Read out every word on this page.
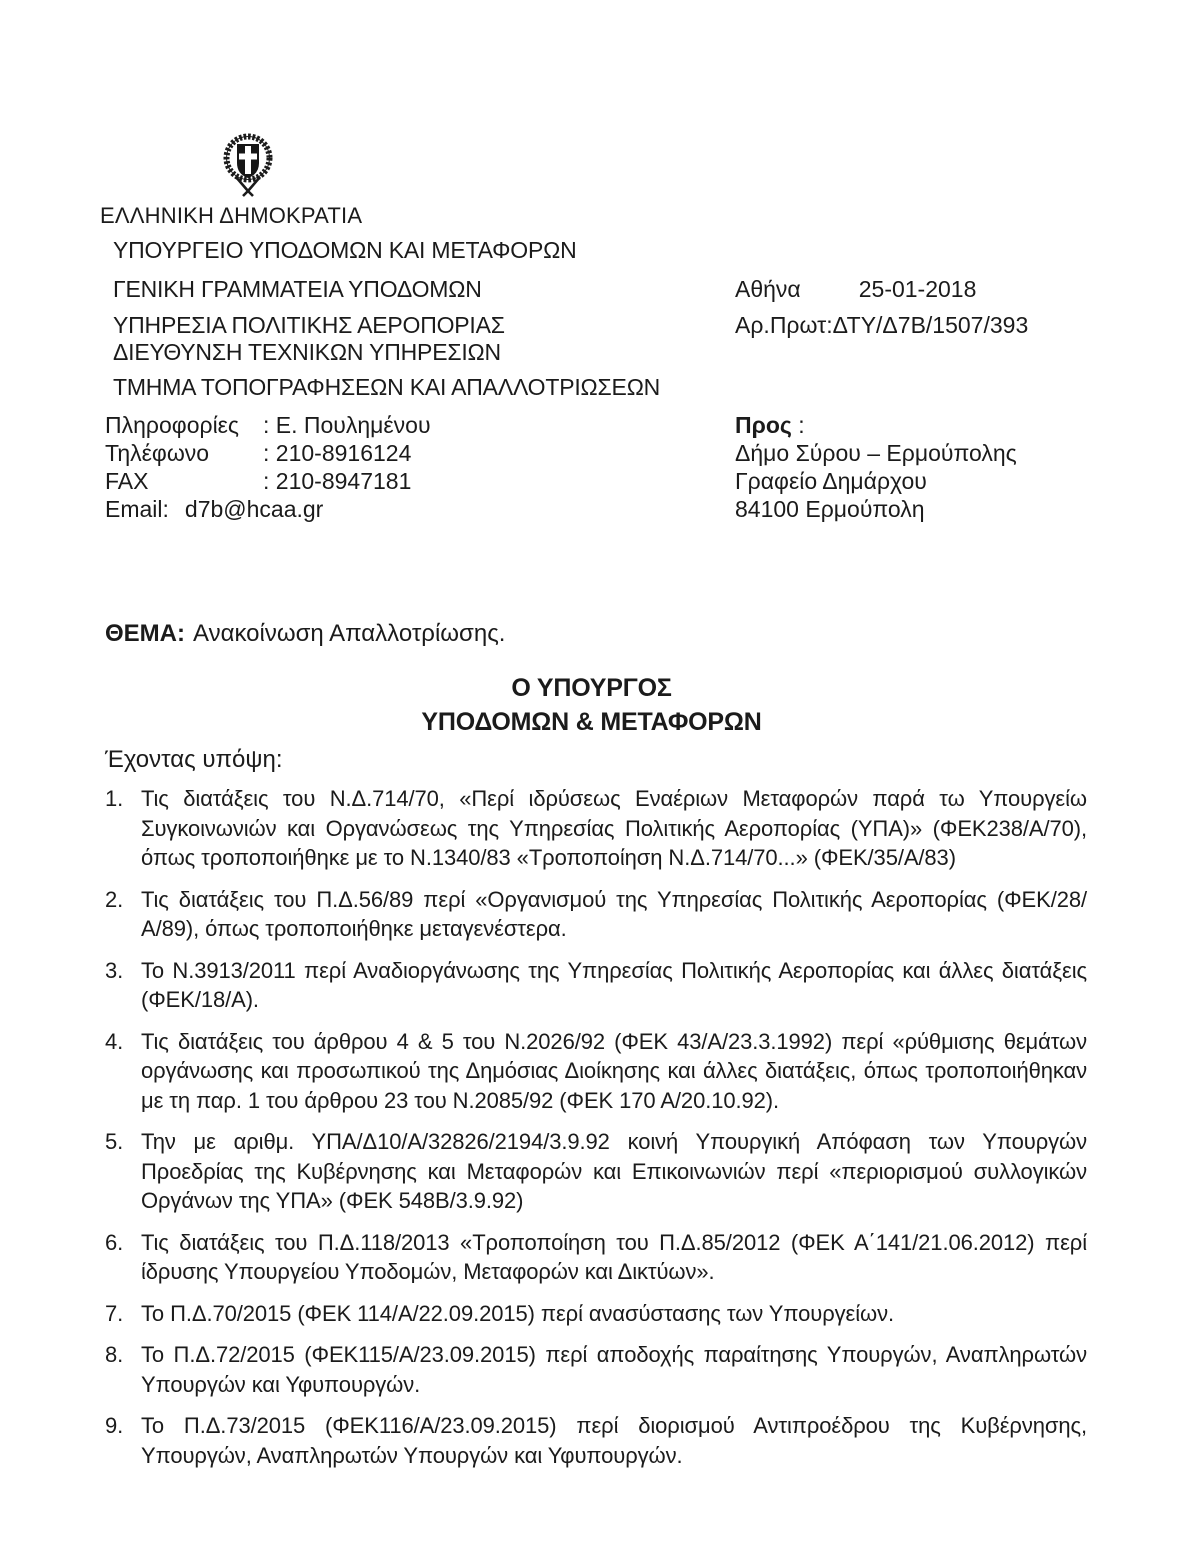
ΕΛΛΗΝΙΚΗ ΔΗΜΟΚΡΑΤΙΑ
ΥΠΟΥΡΓΕΙΟ ΥΠΟΔΟΜΩΝ ΚΑΙ ΜΕΤΑΦΟΡΩΝ
ΓΕΝΙΚΗ ΓΡΑΜΜΑΤΕΙΑ ΥΠΟΔΟΜΩΝ
ΥΠΗΡΕΣΙΑ ΠΟΛΙΤΙΚΗΣ ΑΕΡΟΠΟΡΙΑΣ
ΔΙΕΥΘΥΝΣΗ ΤΕΧΝΙΚΩΝ ΥΠΗΡΕΣΙΩΝ
ΤΜΗΜΑ ΤΟΠΟΓΡΑΦΗΣΕΩΝ ΚΑΙ ΑΠΑΛΛΟΤΡΙΩΣΕΩΝ
Αθήνα	25-01-2018
Αρ.Πρωτ:ΔΤΥ/Δ7Β/1507/393
Πληροφορίες	: Ε. Πουλημένου
Τηλέφωνο	: 210-8916124
FAX	: 210-8947181
Email: d7b@hcaa.gr
Προς :
Δήμο Σύρου – Ερμούπολης
Γραφείο Δημάρχου
84100 Ερμούπολη
ΘΕΜΑ: Ανακοίνωση Απαλλοτρίωσης.
Ο ΥΠΟΥΡΓΟΣ
ΥΠΟΔΟΜΩΝ & ΜΕΤΑΦΟΡΩΝ
Έχοντας υπόψη:
1. Τις διατάξεις του Ν.Δ.714/70, «Περί ιδρύσεως Εναέριων Μεταφορών παρά τω Υπουργείω Συγκοινωνιών και Οργανώσεως της Υπηρεσίας Πολιτικής Αεροπορίας (ΥΠΑ)» (ΦΕΚ238/Α/70), όπως τροποποιήθηκε με το Ν.1340/83 «Τροποποίηση Ν.Δ.714/70...» (ΦΕΚ/35/Α/83)
2. Τις διατάξεις του Π.Δ.56/89 περί «Οργανισμού της Υπηρεσίας Πολιτικής Αεροπορίας (ΦΕΚ/28/Α/89), όπως τροποποιήθηκε μεταγενέστερα.
3. Το Ν.3913/2011 περί Αναδιοργάνωσης της Υπηρεσίας Πολιτικής Αεροπορίας και άλλες διατάξεις (ΦΕΚ/18/Α).
4. Τις διατάξεις του άρθρου 4 & 5 του Ν.2026/92 (ΦΕΚ 43/Α/23.3.1992) περί «ρύθμισης θεμάτων οργάνωσης και προσωπικού της Δημόσιας Διοίκησης και άλλες διατάξεις, όπως τροποποιήθηκαν με τη παρ. 1 του άρθρου 23 του Ν.2085/92 (ΦΕΚ 170 Α/20.10.92).
5. Την με αριθμ. ΥΠΑ/Δ10/Α/32826/2194/3.9.92 κοινή Υπουργική Απόφαση των Υπουργών Προεδρίας της Κυβέρνησης και Μεταφορών και Επικοινωνιών περί «περιορισμού συλλογικών Οργάνων της ΥΠΑ» (ΦΕΚ 548Β/3.9.92)
6. Τις διατάξεις του Π.Δ.118/2013 «Τροποποίηση του Π.Δ.85/2012 (ΦΕΚ Α΄141/21.06.2012) περί ίδρυσης Υπουργείου Υποδομών, Μεταφορών και Δικτύων».
7. Το Π.Δ.70/2015 (ΦΕΚ 114/Α/22.09.2015) περί ανασύστασης των Υπουργείων.
8. Το Π.Δ.72/2015 (ΦΕΚ115/Α/23.09.2015) περί αποδοχής παραίτησης Υπουργών, Αναπληρωτών Υπουργών και Υφυπουργών.
9. Το Π.Δ.73/2015 (ΦΕΚ116/Α/23.09.2015) περί διορισμού Αντιπροέδρου της Κυβέρνησης, Υπουργών, Αναπληρωτών Υπουργών και Υφυπουργών.
